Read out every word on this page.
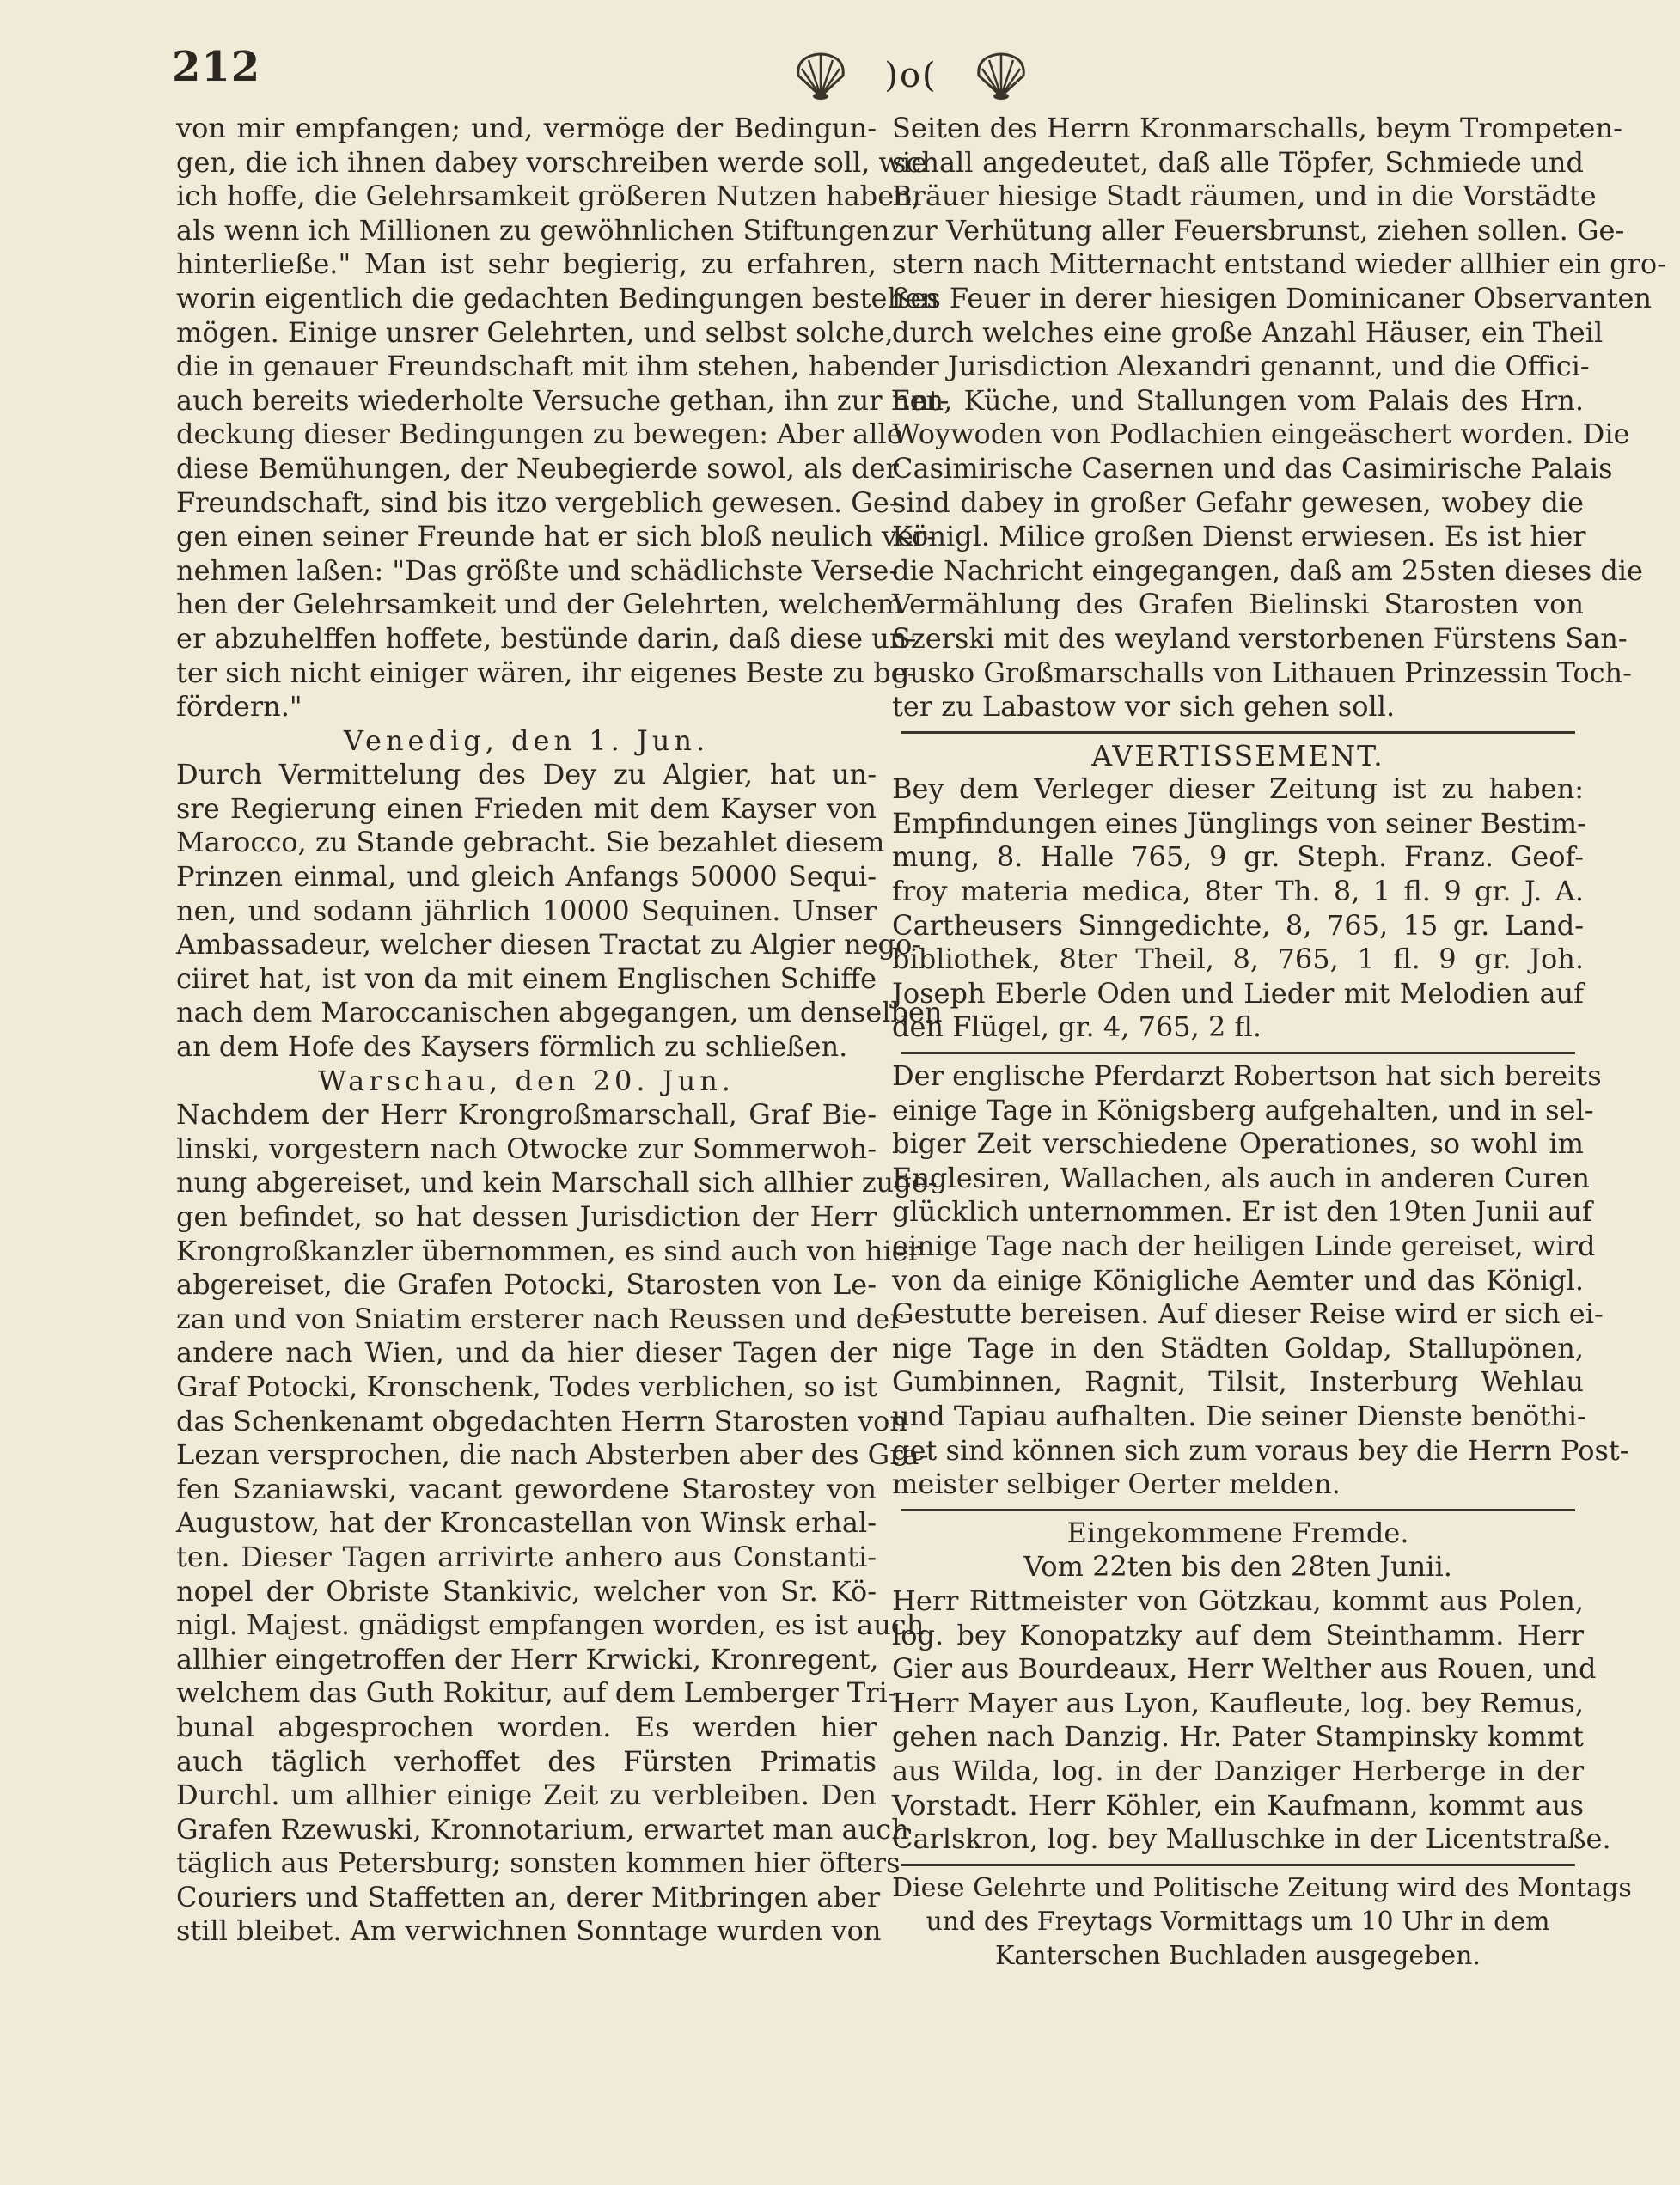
212	)o(
von mir empfangen; und, vermöge der Bedingun-
gen, die ich ihnen dabey vorschreiben werde soll, wie
ich hoffe, die Gelehrsamkeit größeren Nutzen haben,
als wenn ich Millionen zu gewöhnlichen Stiftungen
hinterließe." Man ist sehr begierig, zu erfahren,
worin eigentlich die gedachten Bedingungen bestehen
mögen. Einige unsrer Gelehrten, und selbst solche,
die in genauer Freundschaft mit ihm stehen, haben
auch bereits wiederholte Versuche gethan, ihn zur Ent-
deckung dieser Bedingungen zu bewegen: Aber alle
diese Bemühungen, der Neubegierde sowol, als der
Freundschaft, sind bis itzo vergeblich gewesen. Ge-
gen einen seiner Freunde hat er sich bloß neulich ver-
nehmen laßen: "Das größte und schädlichste Verse-
hen der Gelehrsamkeit und der Gelehrten, welchem
er abzuhelffen hoffete, bestünde darin, daß diese un-
ter sich nicht einiger wären, ihr eigenes Beste zu be-
fördern."
Venedig, den 1. Jun.
Durch Vermittelung des Dey zu Algier, hat un-
sre Regierung einen Frieden mit dem Kayser von
Marocco, zu Stande gebracht. Sie bezahlet diesem
Prinzen einmal, und gleich Anfangs 50000 Sequi-
nen, und sodann jährlich 10000 Sequinen. Unser
Ambassadeur, welcher diesen Tractat zu Algier nego-
ciiret hat, ist von da mit einem Englischen Schiffe
nach dem Maroccanischen abgegangen, um denselben
an dem Hofe des Kaysers förmlich zu schließen.
Warschau, den 20. Jun.
Nachdem der Herr Krongroßmarschall, Graf Bie-
linski, vorgestern nach Otwocke zur Sommerwoh-
nung abgereiset, und kein Marschall sich allhier zuge-
gen befindet, so hat dessen Jurisdiction der Herr
Krongroßkanzler übernommen, es sind auch von hier
abgereiset, die Grafen Potocki, Starosten von Le-
zan und von Sniatim ersterer nach Reussen und der
andere nach Wien, und da hier dieser Tagen der
Graf Potocki, Kronschenk, Todes verblichen, so ist
das Schenkenamt obgedachten Herrn Starosten von
Lezan versprochen, die nach Absterben aber des Gra-
fen Szaniawski, vacant gewordene Starostey von
Augustow, hat der Kroncastellan von Winsk erhal-
ten. Dieser Tagen arrivirte anhero aus Constanti-
nopel der Obriste Stankivic, welcher von Sr. Kö-
nigl. Majest. gnädigst empfangen worden, es ist auch
allhier eingetroffen der Herr Krwicki, Kronregent,
welchem das Guth Rokitur, auf dem Lemberger Tri-
bunal abgesprochen worden. Es werden hier
auch täglich verhoffet des Fürsten Primatis
Durchl. um allhier einige Zeit zu verbleiben. Den
Grafen Rzewuski, Kronnotarium, erwartet man auch
täglich aus Petersburg; sonsten kommen hier öfters
Couriers und Staffetten an, derer Mitbringen aber
still bleibet. Am verwichnen Sonntage wurden von
Seiten des Herrn Kronmarschalls, beym Trompeten-
schall angedeutet, daß alle Töpfer, Schmiede und
Bräuer hiesige Stadt räumen, und in die Vorstädte
zur Verhütung aller Feuersbrunst, ziehen sollen. Ge-
stern nach Mitternacht entstand wieder allhier ein gro-
ßes Feuer in derer hiesigen Dominicaner Observanten
durch welches eine große Anzahl Häuser, ein Theil
der Jurisdiction Alexandri genannt, und die Offici-
nen, Küche, und Stallungen vom Palais des Hrn.
Woywoden von Podlachien eingeäschert worden. Die
Casimirische Casernen und das Casimirische Palais
sind dabey in großer Gefahr gewesen, wobey die
Königl. Milice großen Dienst erwiesen. Es ist hier
die Nachricht eingegangen, daß am 25sten dieses die
Vermählung des Grafen Bielinski Starosten von
Szerski mit des weyland verstorbenen Fürstens San-
gusko Großmarschalls von Lithauen Prinzessin Toch-
ter zu Labastow vor sich gehen soll.
AVERTISSEMENT.
Bey dem Verleger dieser Zeitung ist zu haben:
Empfindungen eines Jünglings von seiner Bestim-
mung, 8. Halle 765, 9 gr. Steph. Franz. Geof-
froy materia medica, 8ter Th. 8, 1 fl. 9 gr. J. A.
Cartheusers Sinngedichte, 8, 765, 15 gr. Land-
bibliothek, 8ter Theil, 8, 765, 1 fl. 9 gr. Joh.
Joseph Eberle Oden und Lieder mit Melodien auf
den Flügel, gr. 4, 765, 2 fl.
Der englische Pferdarzt Robertson hat sich bereits
einige Tage in Königsberg aufgehalten, und in sel-
biger Zeit verschiedene Operationes, so wohl im
Englesiren, Wallachen, als auch in anderen Curen
glücklich unternommen. Er ist den 19ten Junii auf
einige Tage nach der heiligen Linde gereiset, wird
von da einige Königliche Aemter und das Königl.
Gestutte bereisen. Auf dieser Reise wird er sich ei-
nige Tage in den Städten Goldap, Stallupönen,
Gumbinnen, Ragnit, Tilsit, Insterburg Wehlau
und Tapiau aufhalten. Die seiner Dienste benöthi-
get sind können sich zum voraus bey die Herrn Post-
meister selbiger Oerter melden.
Eingekommene Fremde.
Vom 22ten bis den 28ten Junii.
Herr Rittmeister von Götzkau, kommt aus Polen,
log. bey Konopatzky auf dem Steinthamm. Herr
Gier aus Bourdeaux, Herr Welther aus Rouen, und
Herr Mayer aus Lyon, Kaufleute, log. bey Remus,
gehen nach Danzig. Hr. Pater Stampinsky kommt
aus Wilda, log. in der Danziger Herberge in der
Vorstadt. Herr Köhler, ein Kaufmann, kommt aus
Carlskron, log. bey Malluschke in der Licentstraße.
Diese Gelehrte und Politische Zeitung wird des Montags
und des Freytags Vormittags um 10 Uhr in dem
Kanterschen Buchladen ausgegeben.
